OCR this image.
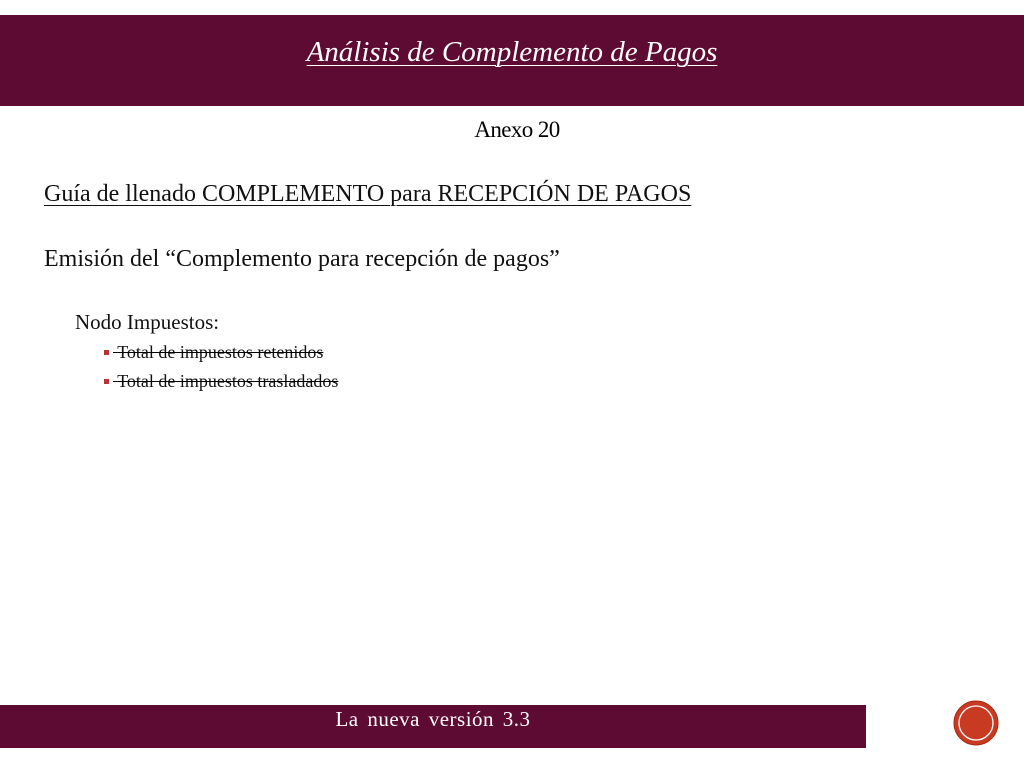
Análisis de Complemento de Pagos
Anexo 20
Guía de llenado COMPLEMENTO para RECEPCIÓN DE PAGOS
Emisión del “Complemento para recepción de pagos”
Nodo Impuestos:
Total de impuestos retenidos
Total de impuestos trasladados
La nueva versión 3.3
